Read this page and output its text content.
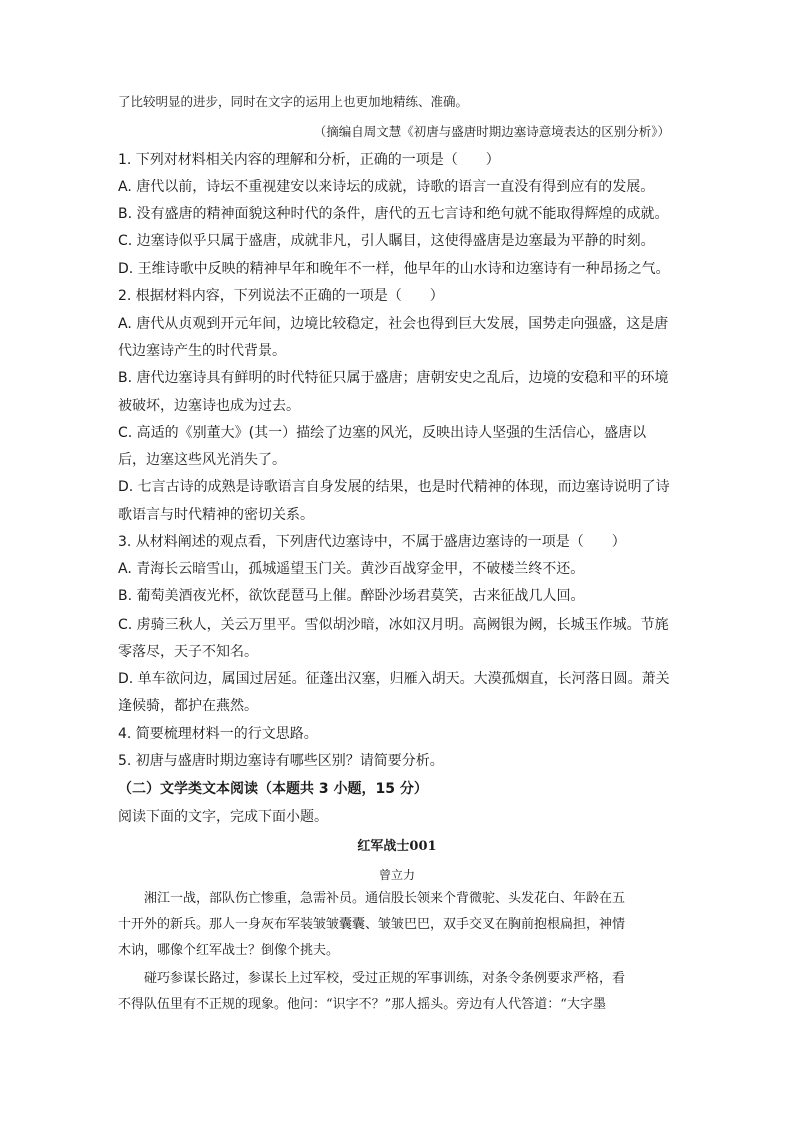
了比较明显的进步，同时在文字的运用上也更加地精练、准确。
（摘编自周文慧《初唐与盛唐时期边塞诗意境表达的区别分析》）
1. 下列对材料相关内容的理解和分析，正确的一项是（　　）
A. 唐代以前，诗坛不重视建安以来诗坛的成就，诗歌的语言一直没有得到应有的发展。
B. 没有盛唐的精神面貌这种时代的条件，唐代的五七言诗和绝句就不能取得辉煌的成就。
C. 边塞诗似乎只属于盛唐，成就非凡，引人瞩目，这使得盛唐是边塞最为平静的时刻。
D. 王维诗歌中反映的精神早年和晚年不一样，他早年的山水诗和边塞诗有一种昂扬之气。
2. 根据材料内容，下列说法不正确的一项是（　　）
A. 唐代从贞观到开元年间，边境比较稳定，社会也得到巨大发展，国势走向强盛，这是唐
代边塞诗产生的时代背景。
B. 唐代边塞诗具有鲜明的时代特征只属于盛唐；唐朝安史之乱后，边境的安稳和平的环境
被破坏，边塞诗也成为过去。
C. 高适的《别董大》(其一）描绘了边塞的风光，反映出诗人坚强的生活信心，盛唐以
后，边塞这些风光消失了。
D. 七言古诗的成熟是诗歌语言自身发展的结果，也是时代精神的体现，而边塞诗说明了诗
歌语言与时代精神的密切关系。
3. 从材料阐述的观点看，下列唐代边塞诗中，不属于盛唐边塞诗的一项是（　　）
A. 青海长云暗雪山，孤城遥望玉门关。黄沙百战穿金甲，不破楼兰终不还。
B. 葡萄美酒夜光杯，欲饮琵琶马上催。醉卧沙场君莫笑，古来征战几人回。
C. 虏骑三秋人，关云万里平。雪似胡沙暗，冰如汉月明。高阙银为阙，长城玉作城。节旄
零落尽，天子不知名。
D. 单车欲问边，属国过居延。征蓬出汉塞，归雁入胡天。大漠孤烟直，长河落日圆。萧关
逢候骑，都护在燕然。
4. 简要梳理材料一的行文思路。
5. 初唐与盛唐时期边塞诗有哪些区别？请简要分析。
（二）文学类文本阅读（本题共 3 小题，15 分）
阅读下面的文字，完成下面小题。
红军战士001
曾立力
　　湘江一战，部队伤亡惨重，急需补员。通信股长领来个背微驼、头发花白、年龄在五
十开外的新兵。那人一身灰布军装皱皱囊囊、皱皱巴巴，双手交叉在胸前抱根扁担，神情
木讷，哪像个红军战士？倒像个挑夫。
　　碰巧参谋长路过，参谋长上过军校，受过正规的军事训练，对条令条例要求严格，看
不得队伍里有不正规的现象。他问：“识字不？”那人摇头。旁边有人代答道：“大字墨
